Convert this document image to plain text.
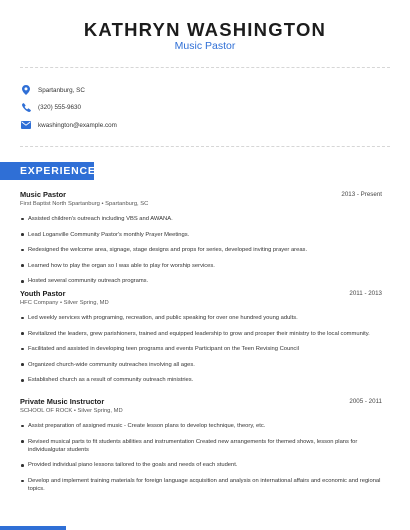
KATHRYN WASHINGTON
Music Pastor
Spartanburg, SC
(320) 555-9630
kwashington@example.com
EXPERIENCE
Music Pastor	2013 - Present
First Baptist North Spartanburg • Spartanburg, SC
Assisted children's outreach including VBS and AWANA.
Lead Loganville Community Pastor's monthly Prayer Meetings.
Redesigned the welcome area, signage, stage designs and props for series, developed inviting prayer areas.
Learned how to play the organ so I was able to play for worship services.
Hosted several community outreach programs.
Youth Pastor	2011 - 2013
HFC Company • Silver Spring, MD
Led weekly services with programing, recreation, and public speaking for over one hundred young adults.
Revitalized the leaders, grew parishioners, trained and equipped leadership to grow and prosper their ministry to the local community.
Facilitated and assisted in developing teen programs and events Participant on the Teen Revising Council
Organized church-wide community outreaches involving all ages.
Established church as a result of community outreach ministries.
Private Music Instructor	2005 - 2011
SCHOOL OF ROCK • Silver Spring, MD
Assist preparation of assigned music - Create lesson plans to develop technique, theory, etc.
Revised musical parts to fit students abilities and instrumentation Created new arrangements for themed shows, lesson plans for individualgutar students
Provided individual piano lessons tailored to the goals and needs of each student.
Develop and implement training materials for foreign language acquisition and analysis on international affairs and economic and regional topics.
